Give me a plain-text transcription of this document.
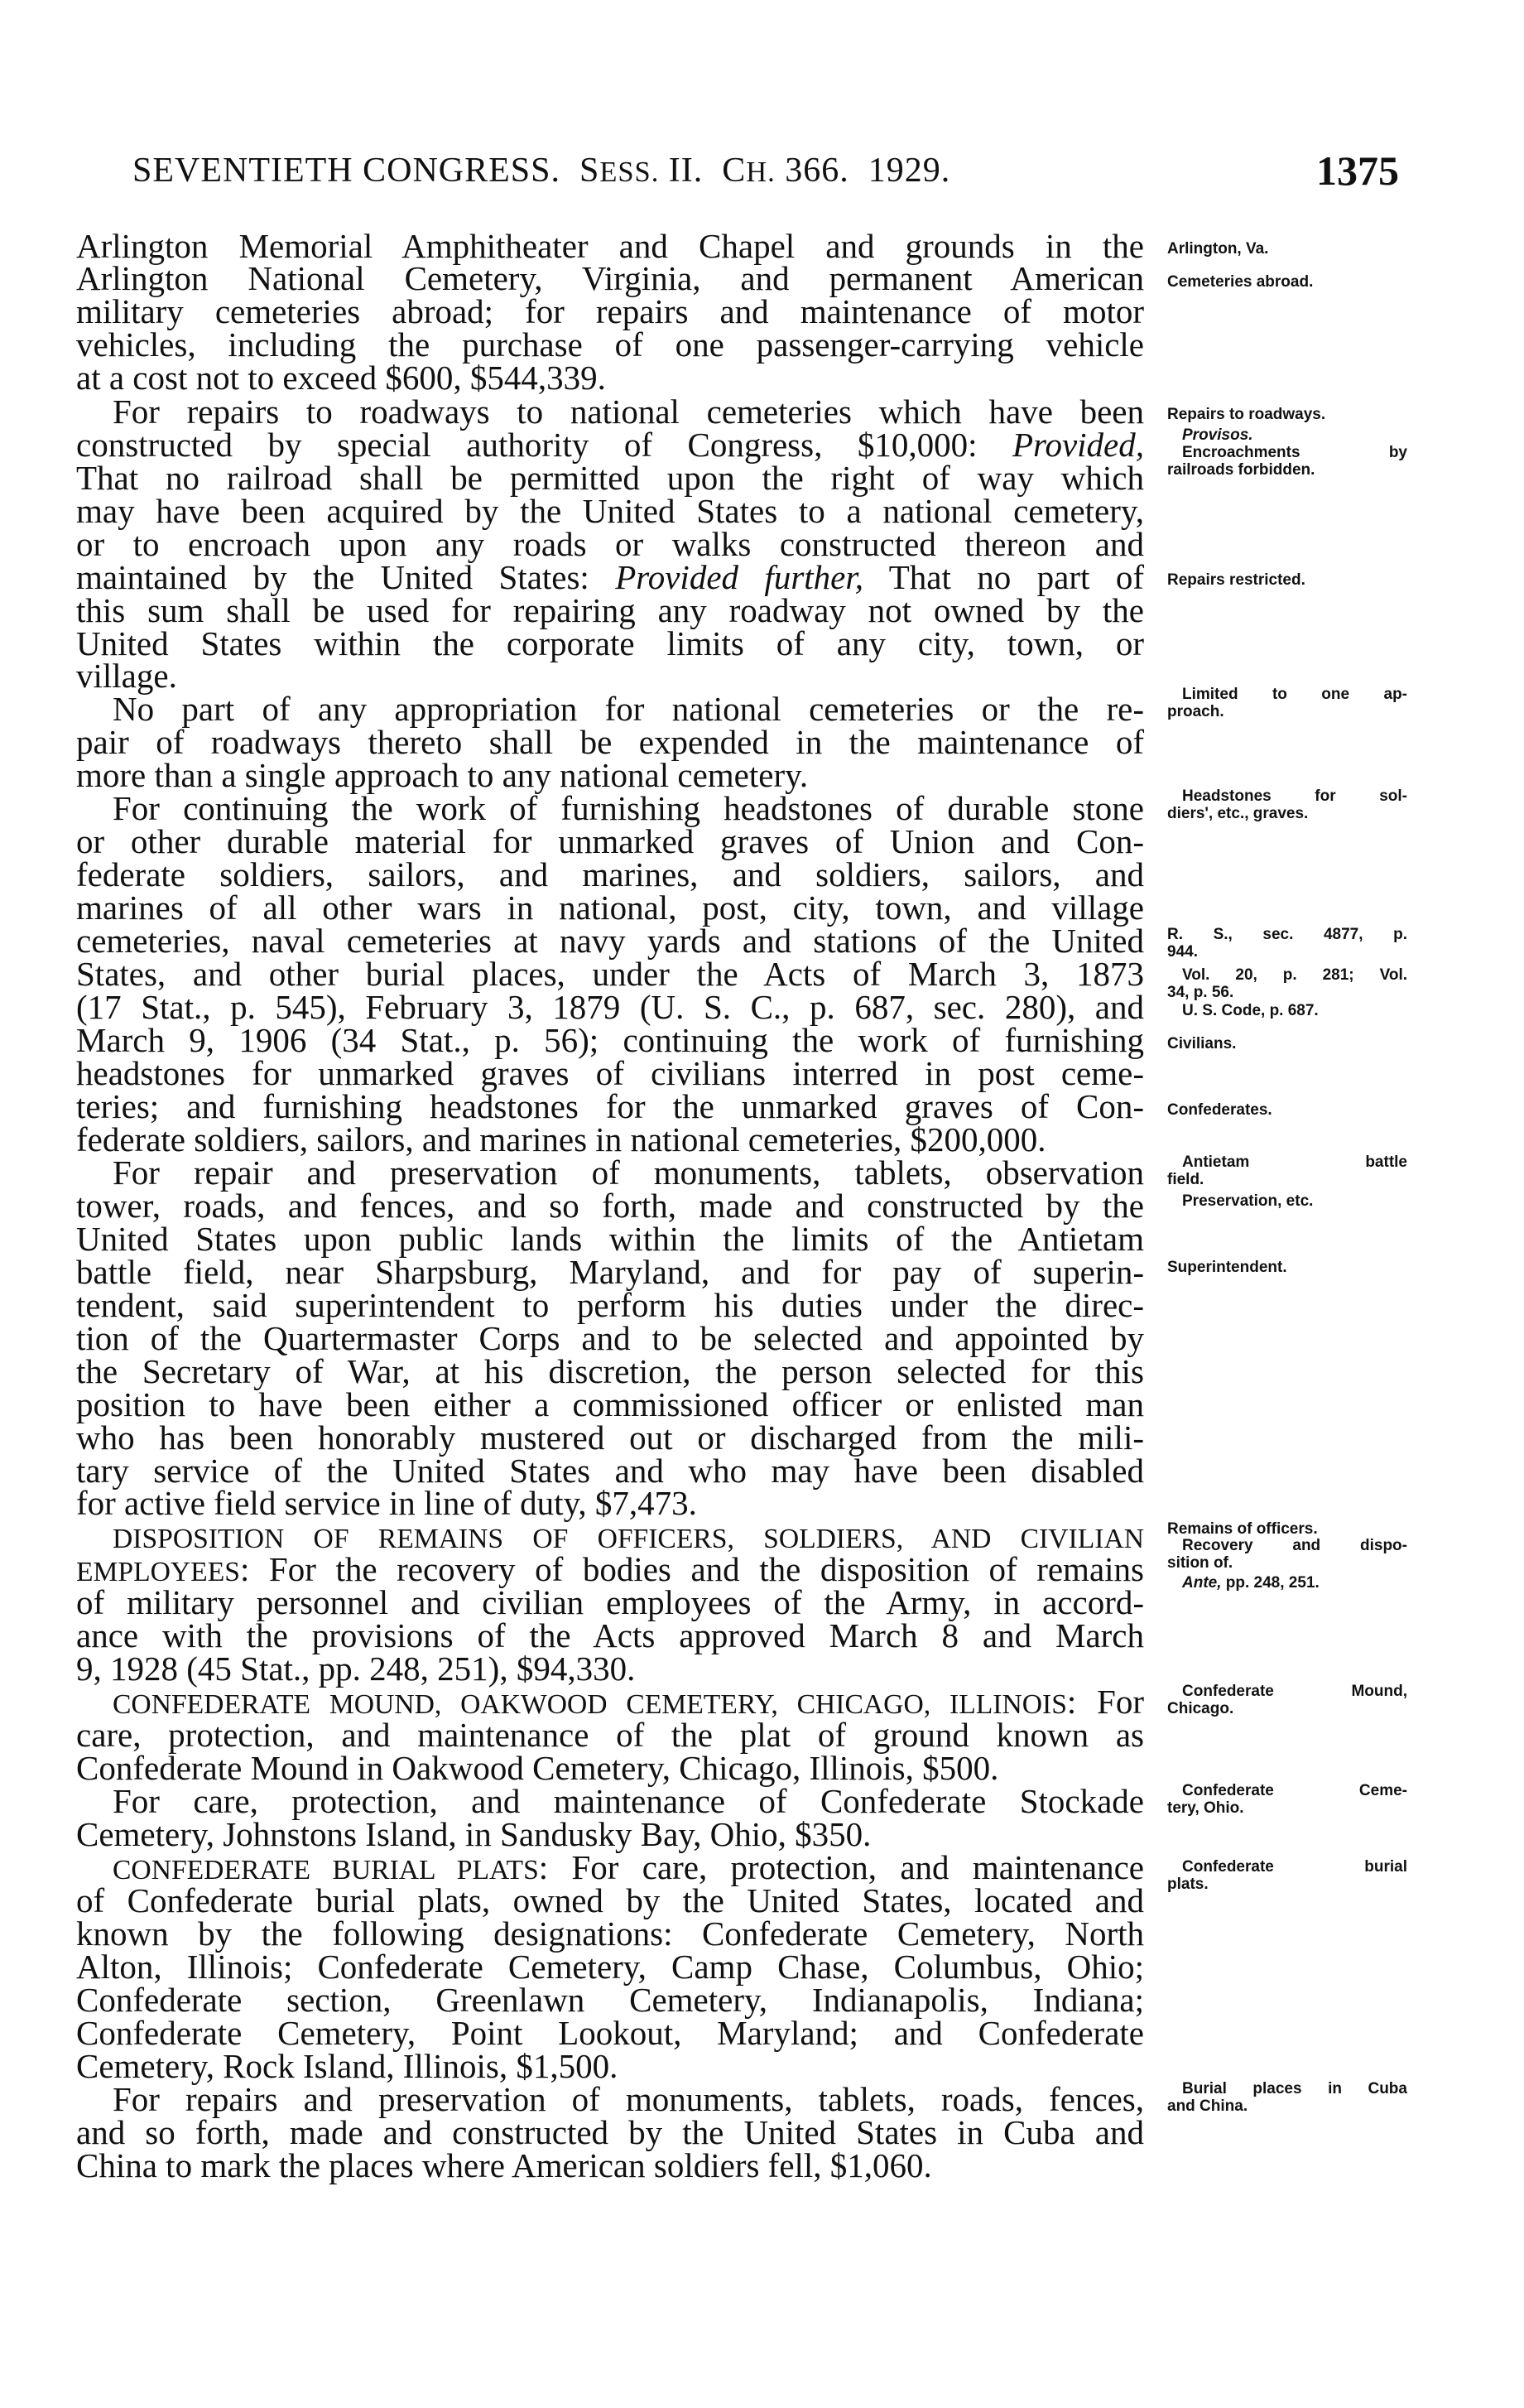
SEVENTIETH CONGRESS. SESS. II. CH. 366. 1929.	1375
Arlington Memorial Amphitheater and Chapel and grounds in the
Arlington National Cemetery, Virginia, and permanent American
military cemeteries abroad; for repairs and maintenance of motor
vehicles, including the purchase of one passenger-carrying vehicle
at a cost not to exceed $600, $544,339.
For repairs to roadways to national cemeteries which have been
constructed by special authority of Congress, $10,000: Provided,
That no railroad shall be permitted upon the right of way which
may have been acquired by the United States to a national cemetery,
or to encroach upon any roads or walks constructed thereon and
maintained by the United States: Provided further, That no part of
this sum shall be used for repairing any roadway not owned by the
United States within the corporate limits of any city, town, or
village.
No part of any appropriation for national cemeteries or the re-
pair of roadways thereto shall be expended in the maintenance of
more than a single approach to any national cemetery.
For continuing the work of furnishing headstones of durable stone
or other durable material for unmarked graves of Union and Con-
federate soldiers, sailors, and marines, and soldiers, sailors, and
marines of all other wars in national, post, city, town, and village
cemeteries, naval cemeteries at navy yards and stations of the United
States, and other burial places, under the Acts of March 3, 1873
(17 Stat., p. 545), February 3, 1879 (U. S. C., p. 687, sec. 280), and
March 9, 1906 (34 Stat., p. 56); continuing the work of furnishing
headstones for unmarked graves of civilians interred in post ceme-
teries; and furnishing headstones for the unmarked graves of Con-
federate soldiers, sailors, and marines in national cemeteries, $200,000.
For repair and preservation of monuments, tablets, observation
tower, roads, and fences, and so forth, made and constructed by the
United States upon public lands within the limits of the Antietam
battle field, near Sharpsburg, Maryland, and for pay of superin-
tendent, said superintendent to perform his duties under the direc-
tion of the Quartermaster Corps and to be selected and appointed by
the Secretary of War, at his discretion, the person selected for this
position to have been either a commissioned officer or enlisted man
who has been honorably mustered out or discharged from the mili-
tary service of the United States and who may have been disabled
for active field service in line of duty, $7,473.
DISPOSITION OF REMAINS OF OFFICERS, SOLDIERS, AND CIVILIAN
EMPLOYEES: For the recovery of bodies and the disposition of remains
of military personnel and civilian employees of the Army, in accord-
ance with the provisions of the Acts approved March 8 and March
9, 1928 (45 Stat., pp. 248, 251), $94,330.
CONFEDERATE MOUND, OAKWOOD CEMETERY, CHICAGO, ILLINOIS: For
care, protection, and maintenance of the plat of ground known as
Confederate Mound in Oakwood Cemetery, Chicago, Illinois, $500.
For care, protection, and maintenance of Confederate Stockade
Cemetery, Johnstons Island, in Sandusky Bay, Ohio, $350.
CONFEDERATE BURIAL PLATS: For care, protection, and maintenance
of Confederate burial plats, owned by the United States, located and
known by the following designations: Confederate Cemetery, North
Alton, Illinois; Confederate Cemetery, Camp Chase, Columbus, Ohio;
Confederate section, Greenlawn Cemetery, Indianapolis, Indiana;
Confederate Cemetery, Point Lookout, Maryland; and Confederate
Cemetery, Rock Island, Illinois, $1,500.
For repairs and preservation of monuments, tablets, roads, fences,
and so forth, made and constructed by the United States in Cuba and
China to mark the places where American soldiers fell, $1,060.
Arlington, Va.
Cemeteries abroad.
Repairs to roadways.
Provisos.
Encroachments by
railroads forbidden.
Repairs restricted.
Limited to one ap-
proach.
Headstones for sol-
diers', etc., graves.
R. S., sec. 4877, p.
944.
Vol. 20, p. 281; Vol.
34, p. 56.
U. S. Code, p. 687.
Civilians.
Confederates.
Antietam battle
field.
Preservation, etc.
Superintendent.
Remains of officers.
Recovery and dispo-
sition of.
Ante, pp. 248, 251.
Confederate Mound,
Chicago.
Confederate Ceme-
tery, Ohio.
Confederate burial
plats.
Burial places in Cuba
and China.
